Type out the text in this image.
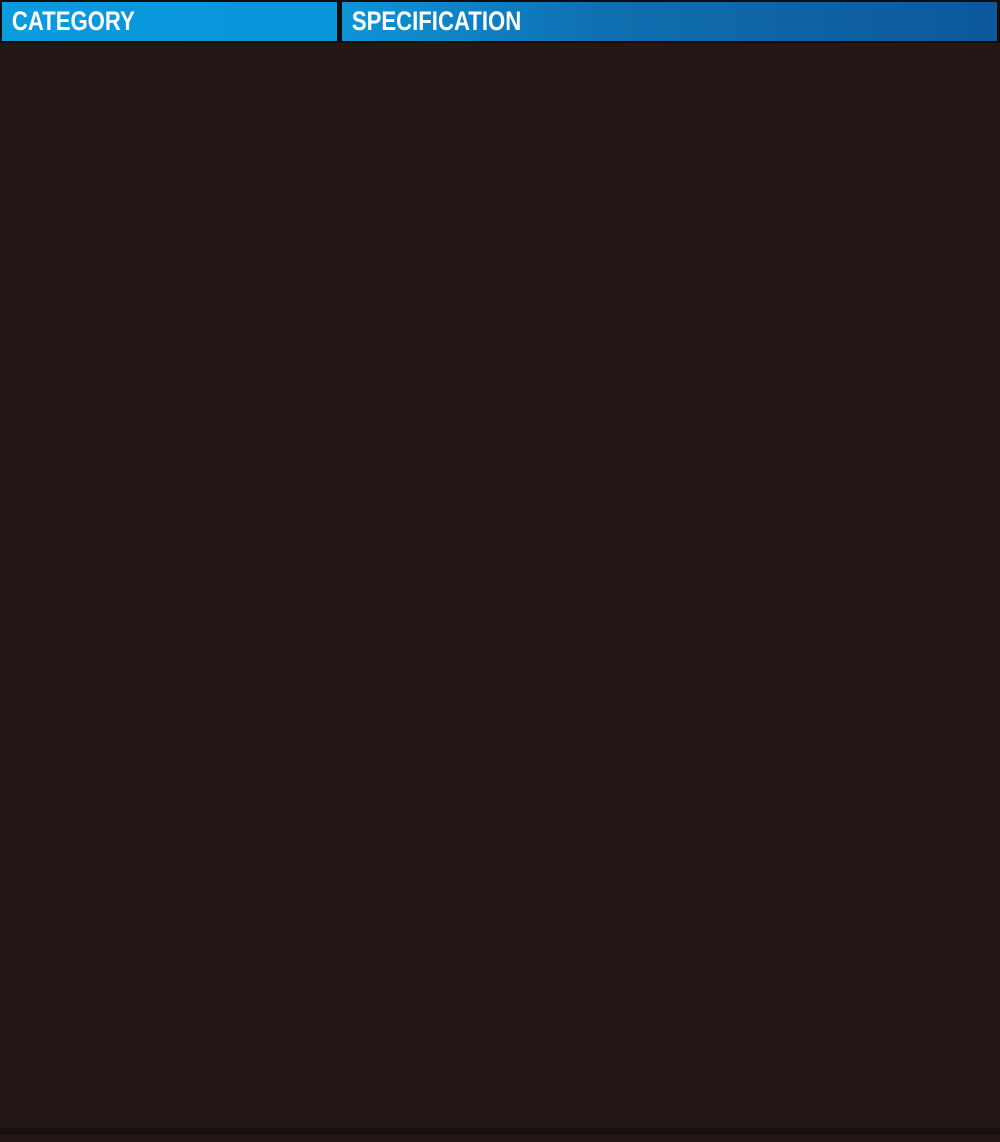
CATEGORY	SPECIFICATION
